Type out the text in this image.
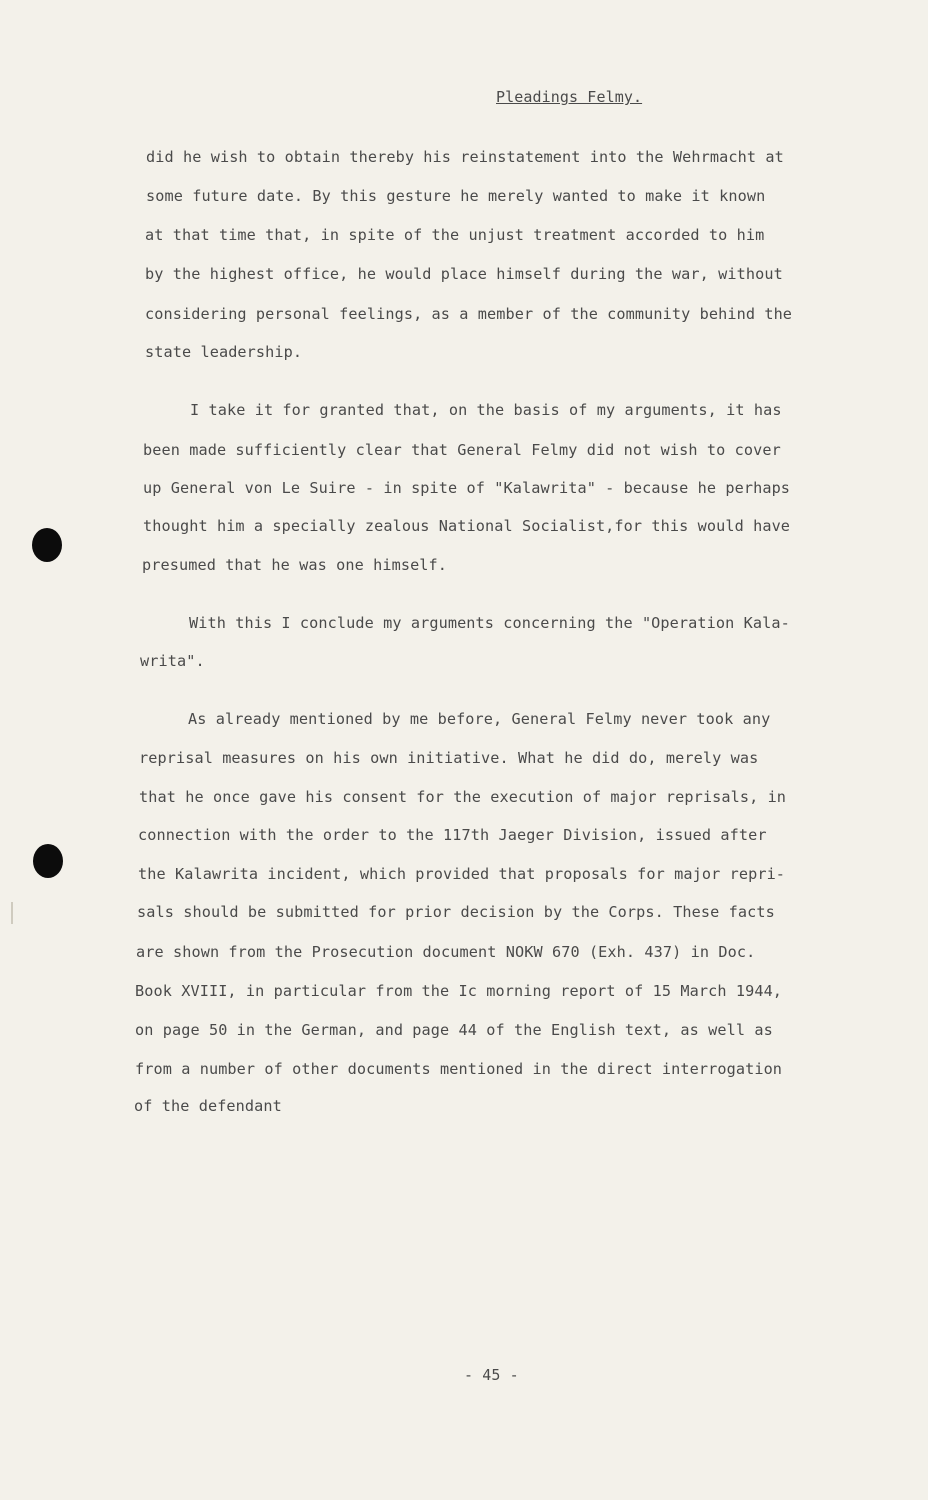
Pleadings Felmy.
did he wish to obtain thereby his reinstatement into the Wehrmacht at
some future date. By this gesture he merely wanted to make it known
at that time that, in spite of the unjust treatment accorded to him
by the highest office, he would place himself during the war, without
considering personal feelings, as a member of the community behind the
state leadership.
I take it for granted that, on the basis of my arguments, it has
been made sufficiently clear that General Felmy did not wish to cover
up General von Le Suire - in spite of "Kalawrita" - because he perhaps
thought him a specially zealous National Socialist,for this would have
presumed that he was one himself.
With this I conclude my arguments concerning the "Operation Kala-
writa".
As already mentioned by me before, General Felmy never took any
reprisal measures on his own initiative. What he did do, merely was
that he once gave his consent for the execution of major reprisals, in
connection with the order to the 117th Jaeger Division, issued after
the Kalawrita incident, which provided that proposals for major repri-
sals should be submitted for prior decision by the Corps. These facts
are shown from the Prosecution document NOKW 670 (Exh. 437) in Doc.
Book XVIII, in particular from the Ic morning report of 15 March 1944,
on page 50 in the German, and page 44 of the English text, as well as
from a number of other documents mentioned in the direct interrogation
of the defendant
- 45 -
